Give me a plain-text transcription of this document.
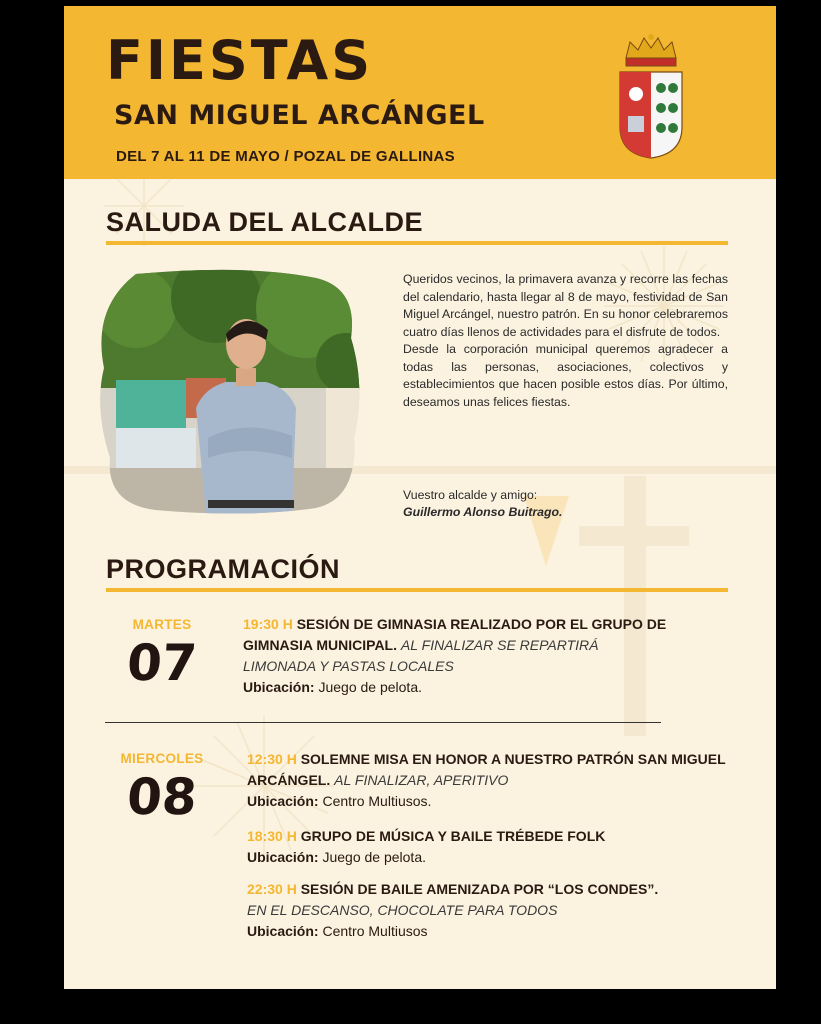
FIESTAS
SAN MIGUEL ARCÁNGEL
DEL 7 AL 11 DE MAYO / POZAL DE GALLINAS
SALUDA DEL ALCALDE

Queridos vecinos, la primavera avanza y recorre las fechas del calendario, hasta llegar al 8 de mayo, festividad de San Miguel Arcángel, nuestro patrón. En su honor celebraremos cuatro días llenos de actividades para el disfrute de todos.

Desde la corporación municipal queremos agradecer a todas las personas, asociaciones, colectivos y establecimientos que hacen posible estos días. Por último, deseamos unas felices fiestas.

Vuestro alcalde y amigo:
Guillermo Alonso Buitrago.
PROGRAMACIÓN
MARTES
07
19:30 H SESIÓN DE GIMNASIA REALIZADO POR EL GRUPO DE GIMNASIA MUNICIPAL. AL FINALIZAR SE REPARTIRÁ LIMONADA Y PASTAS LOCALES
Ubicación: Juego de pelota.
MIERCOLES
08
12:30 H SOLEMNE MISA EN HONOR A NUESTRO PATRÓN SAN MIGUEL ARCÁNGEL. AL FINALIZAR, APERITIVO
Ubicación: Centro Multiusos.
18:30 H GRUPO DE MÚSICA Y BAILE TRÉBEDE FOLK
Ubicación: Juego de pelota.
22:30 H SESIÓN DE BAILE AMENIZADA POR “LOS CONDES”.
EN EL DESCANSO, CHOCOLATE PARA TODOS
Ubicación: Centro Multiusos
